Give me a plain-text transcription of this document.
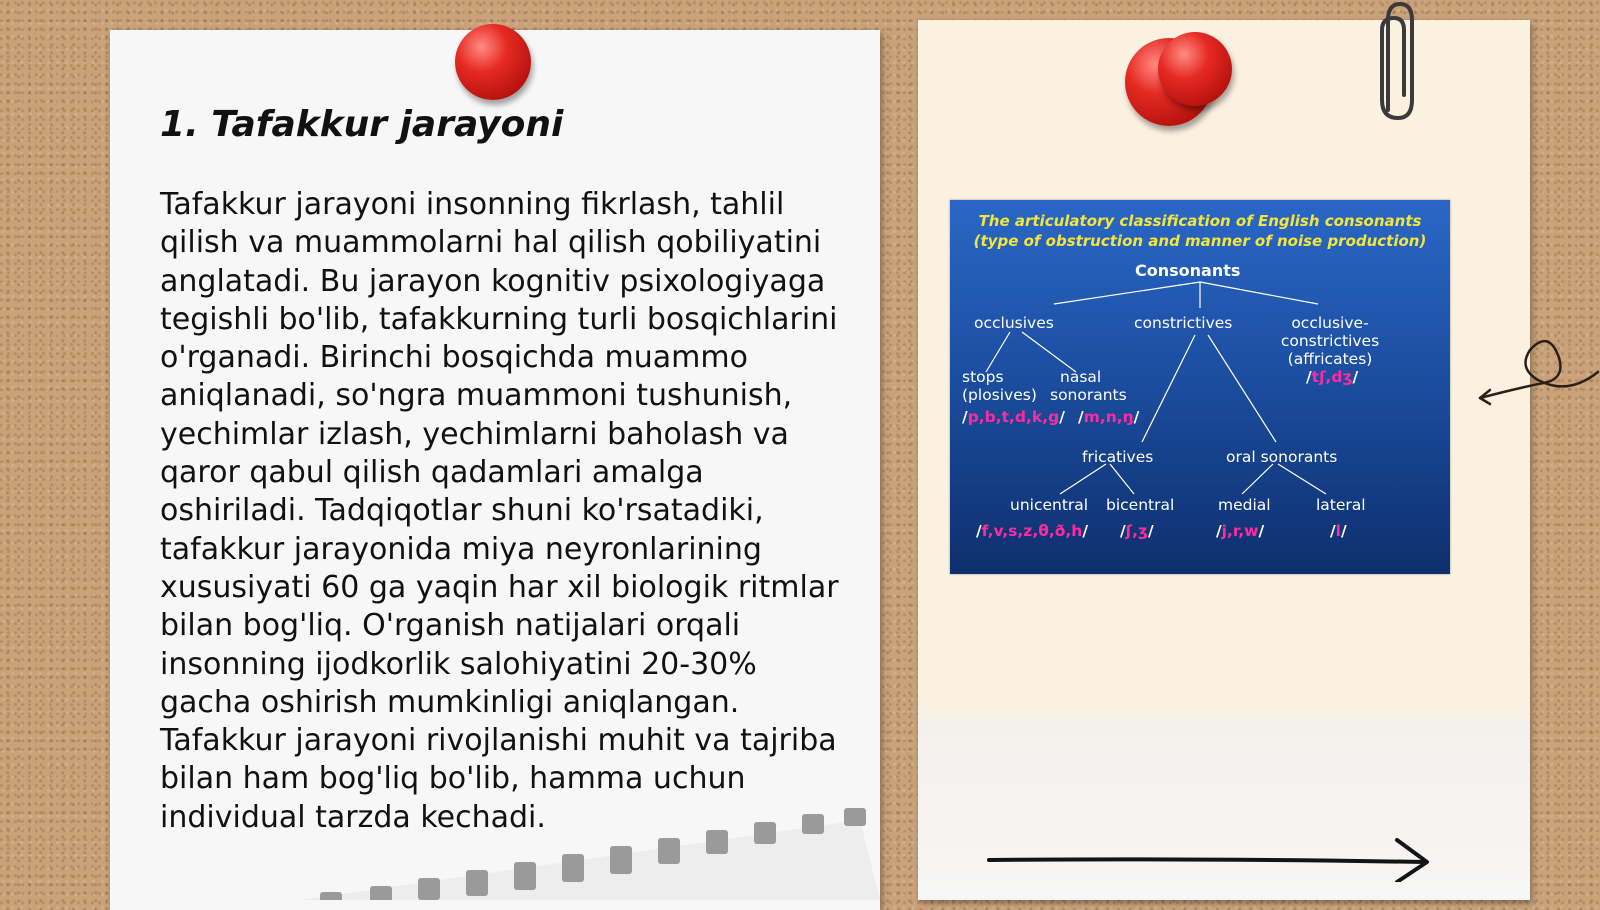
1. Tafakkur jarayoni

Tafakkur jarayoni insonning fikrlash, tahlil qilish va muammolarni hal qilish qobiliyatini anglatadi. Bu jarayon kognitiv psixologiyaga tegishli bo'lib, tafakkurning turli bosqichlarini o'rganadi. Birinchi bosqichda muammo aniqlanadi, so'ngra muammoni tushunish, yechimlar izlash, yechimlarni baholash va qaror qabul qilish qadamlari amalga oshiriladi. Tadqiqotlar shuni ko'rsatadiki, tafakkur jarayonida miya neyronlarining xususiyati 60 ga yaqin har xil biologik ritmlar bilan bog'liq. O'rganish natijalari orqali insonning ijodkorlik salohiyatini 20-30% gacha oshirish mumkinligi aniqlangan. Tafakkur jarayoni rivojlanishi muhit va tajriba bilan ham bog'liq bo'lib, hamma uchun individual tarzda kechadi.

The articulatory classification of English consonants
(type of obstruction and manner of noise production)
Consonants
occlusives	constrictives	occlusive-
constrictives
(affricates)
/tʃ,dʒ/
stops
(plosives)
nasal
sonorants
/p,b,t,d,k,g/ /m,n,ŋ/
fricatives	oral sonorants
unicentral bicentral	medial	lateral
/f,v,s,z,θ,ð,h/ /ʃ,ʒ/	/j,r,w/	/l/
